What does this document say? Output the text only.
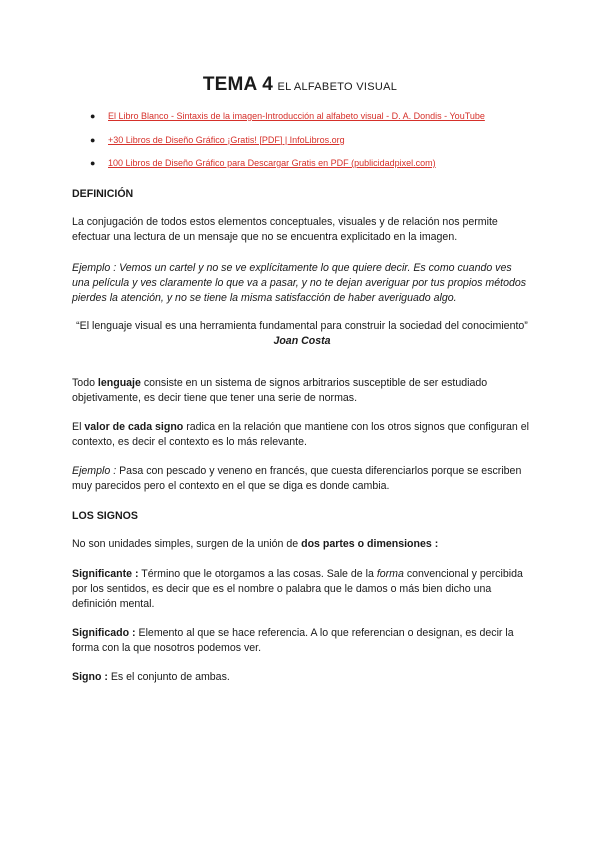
TEMA 4 EL ALFABETO VISUAL
● El Libro Blanco - Sintaxis de la imagen-Introducción al alfabeto visual - D. A. Dondis - YouTube
● +30 Libros de Diseño Gráfico ¡Gratis! [PDF] | InfoLibros.org
● 100 Libros de Diseño Gráfico para Descargar Gratis en PDF (publicidadpixel.com)
DEFINICIÓN
La conjugación de todos estos elementos conceptuales, visuales y de relación nos permite efectuar una lectura de un mensaje que no se encuentra explicitado en la imagen.
Ejemplo : Vemos un cartel y no se ve explícitamente lo que quiere decir. Es como cuando ves una película y ves claramente lo que va a pasar, y no te dejan averiguar por tus propios métodos pierdes la atención, y no se tiene la misma satisfacción de haber averiguado algo.
“El lenguaje visual es una herramienta fundamental para construir la sociedad del conocimiento”
Joan Costa
Todo lenguaje consiste en un sistema de signos arbitrarios susceptible de ser estudiado objetivamente, es decir tiene que tener una serie de normas.
El valor de cada signo radica en la relación que mantiene con los otros signos que configuran el contexto, es decir el contexto es lo más relevante.
Ejemplo : Pasa con pescado y veneno en francés, que cuesta diferenciarlos porque se escriben muy parecidos pero el contexto en el que se diga es donde cambia.
LOS SIGNOS
No son unidades simples, surgen de la unión de dos partes o dimensiones :
Significante : Término que le otorgamos a las cosas. Sale de la forma convencional y percibida por los sentidos, es decir que es el nombre o palabra que le damos o más bien dicho una definición mental.
Significado : Elemento al que se hace referencia. A lo que referencian o designan, es decir la forma con la que nosotros podemos ver.
Signo : Es el conjunto de ambas.
